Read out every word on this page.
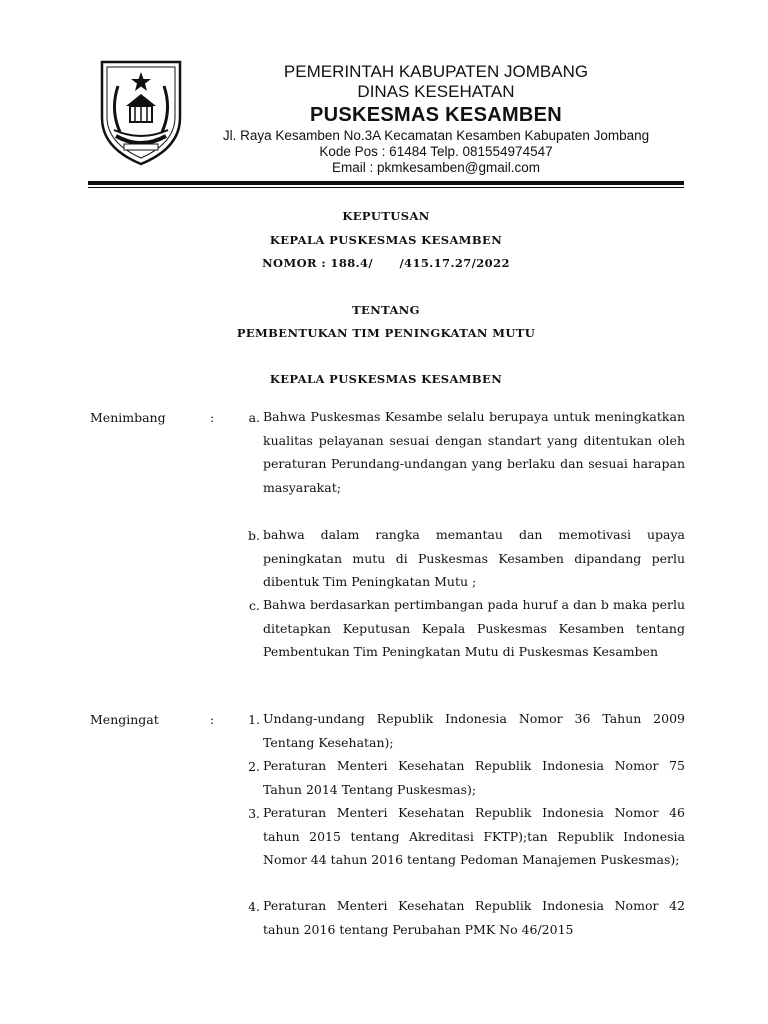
PEMERINTAH KABUPATEN JOMBANG
DINAS KESEHATAN
PUSKESMAS KESAMBEN
Jl. Raya Kesamben No.3A Kecamatan Kesamben Kabupaten Jombang
Kode Pos : 61484 Telp. 081554974547
Email : pkmkesamben@gmail.com
KEPUTUSAN
KEPALA PUSKESMAS KESAMBEN
NOMOR : 188.4/      /415.17.27/2022
TENTANG
PEMBENTUKAN TIM PENINGKATAN MUTU
KEPALA PUSKESMAS KESAMBEN
Menimbang	:	a. Bahwa Puskesmas Kesambe selalu berupaya untuk meningkatkan kualitas pelayanan sesuai dengan standart yang ditentukan oleh peraturan Perundang-undangan yang berlaku dan sesuai harapan masyarakat;
b. bahwa dalam rangka memantau dan memotivasi upaya peningkatan mutu di Puskesmas Kesamben dipandang perlu dibentuk Tim Peningkatan Mutu ;
c. Bahwa berdasarkan pertimbangan pada huruf a dan b maka perlu ditetapkan Keputusan Kepala Puskesmas Kesamben tentang Pembentukan Tim Peningkatan Mutu di Puskesmas Kesamben
Mengingat	:	1. Undang-undang Republik Indonesia Nomor 36 Tahun 2009 Tentang Kesehatan);
2. Peraturan Menteri Kesehatan Republik Indonesia Nomor 75 Tahun 2014 Tentang Puskesmas);
3. Peraturan Menteri Kesehatan Republik Indonesia Nomor 46 tahun 2015 tentang Akreditasi FKTP);tan Republik Indonesia Nomor 44 tahun 2016 tentang Pedoman Manajemen Puskesmas);
4. Peraturan Menteri Kesehatan Republik Indonesia Nomor 42 tahun 2016 tentang Perubahan PMK No 46/2015
